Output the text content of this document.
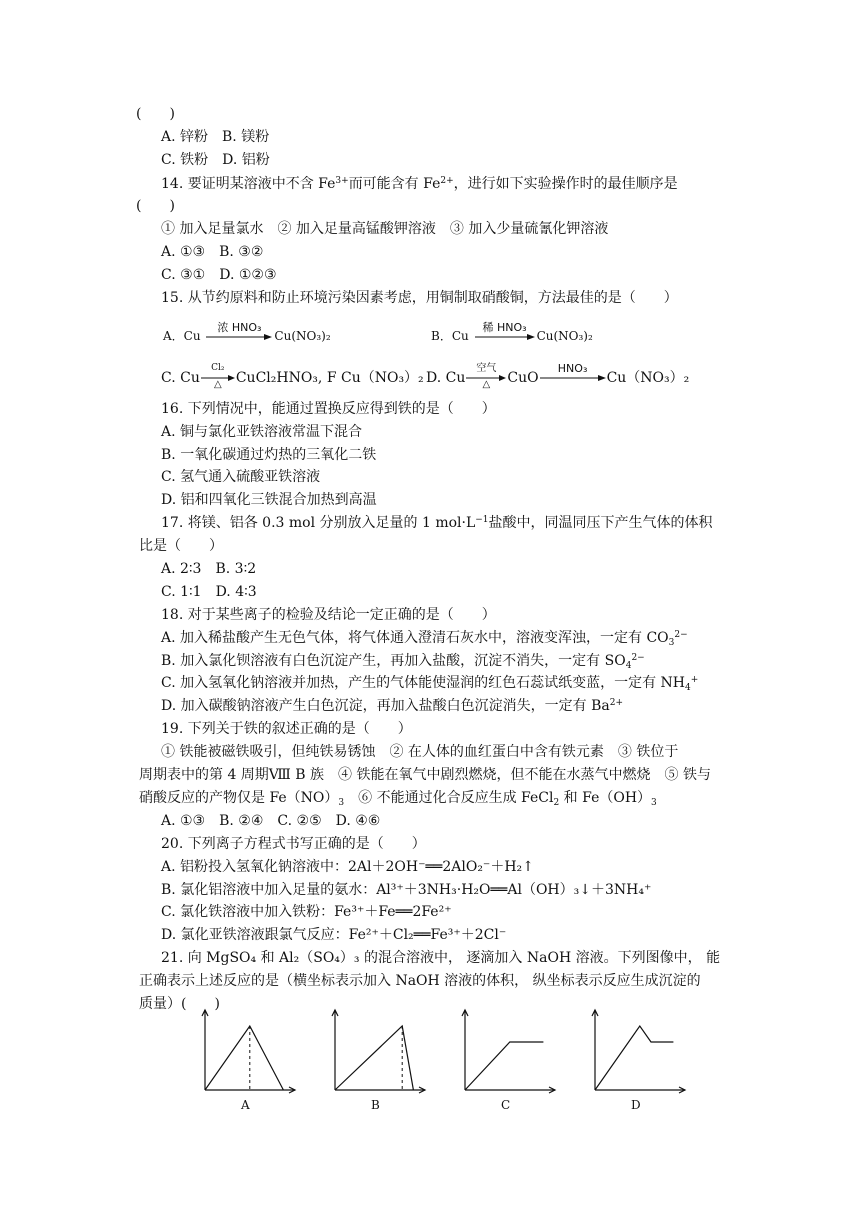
(　　)
A. 锌粉　B. 镁粉
C. 铁粉　D. 铝粉
14. 要证明某溶液中不含 $Fe^{3+}$而可能含有 $Fe^{2+}$，进行如下实验操作时的最佳顺序是
(　　)
① 加入足量氯水　② 加入足量高锰酸钾溶液　③ 加入少量硫氰化钾溶液
A. ①③　B. ③②
C. ③①　D. ①②③
15. 从节约原料和防止环境污染因素考虑，用铜制取硝酸铜，方法最佳的是（　　）
A．Cu
浓 HNO₃
Cu(NO₃)₂	B．Cu
稀 HNO₃
Cu(NO₃)₂
C. Cu
Cl₂
△	CuCl₂HNO₃, F Cu（NO₃）₂ D. Cu
空气
△	CuO
HNO₃
Cu（NO₃）₂
16. 下列情况中，能通过置换反应得到铁的是（　　）
A. 铜与氯化亚铁溶液常温下混合
B. 一氧化碳通过灼热的三氧化二铁
C. 氢气通入硫酸亚铁溶液
D. 铝和四氧化三铁混合加热到高温
17. 将镁、铝各 0.3 mol 分别放入足量的 1 $mol\cdot L^{-1}$盐酸中，同温同压下产生气体的体积
比是（　　）
A. 2∶3　B. 3∶2
C. 1∶1　D. 4∶3
18. 对于某些离子的检验及结论一定正确的是（　　）
A. 加入稀盐酸产生无色气体，将气体通入澄清石灰水中，溶液变浑浊，一定有 $CO_3^{2-}$
B. 加入氯化钡溶液有白色沉淀产生，再加入盐酸，沉淀不消失，一定有 $SO_4^{2-}$
C. 加入氢氧化钠溶液并加热，产生的气体能使湿润的红色石蕊试纸变蓝，一定有 $NH_4^+$
D. 加入碳酸钠溶液产生白色沉淀，再加入盐酸白色沉淀消失，一定有 $Ba^{2+}$
19. 下列关于铁的叙述正确的是（　　）
① 铁能被磁铁吸引，但纯铁易锈蚀　② 在人体的血红蛋白中含有铁元素　③ 铁位于
周期表中的第 4 周期Ⅷ B 族　④ 铁能在氧气中剧烈燃烧，但不能在水蒸气中燃烧　⑤ 铁与
硝酸反应的产物仅是 $Fe(NO)_3$　⑥ 不能通过化合反应生成 FeCl$_2$ 和 $Fe(OH)_3$
A. ①③　B. ②④　C. ②⑤　D. ④⑥
20. 下列离子方程式书写正确的是（　　）
A. 铝粉投入氢氧化钠溶液中：2Al＋2OH⁻══2AlO₂⁻＋H₂↑
B. 氯化铝溶液中加入足量的氨水：Al³⁺＋3NH₃·H₂O══Al（OH）₃↓＋3NH₄⁺
C. 氯化铁溶液中加入铁粉：Fe³⁺＋Fe══2Fe²⁺
D. 氯化亚铁溶液跟氯气反应：Fe²⁺＋Cl₂══Fe³⁺＋2Cl⁻
21. 向 MgSO₄ 和 Al₂（SO₄）₃ 的混合溶液中， 逐滴加入 NaOH 溶液。下列图像中， 能
正确表示上述反应的是（横坐标表示加入 NaOH 溶液的体积， 纵坐标表示反应生成沉淀的
质量）(　　)
A	B	C	D
